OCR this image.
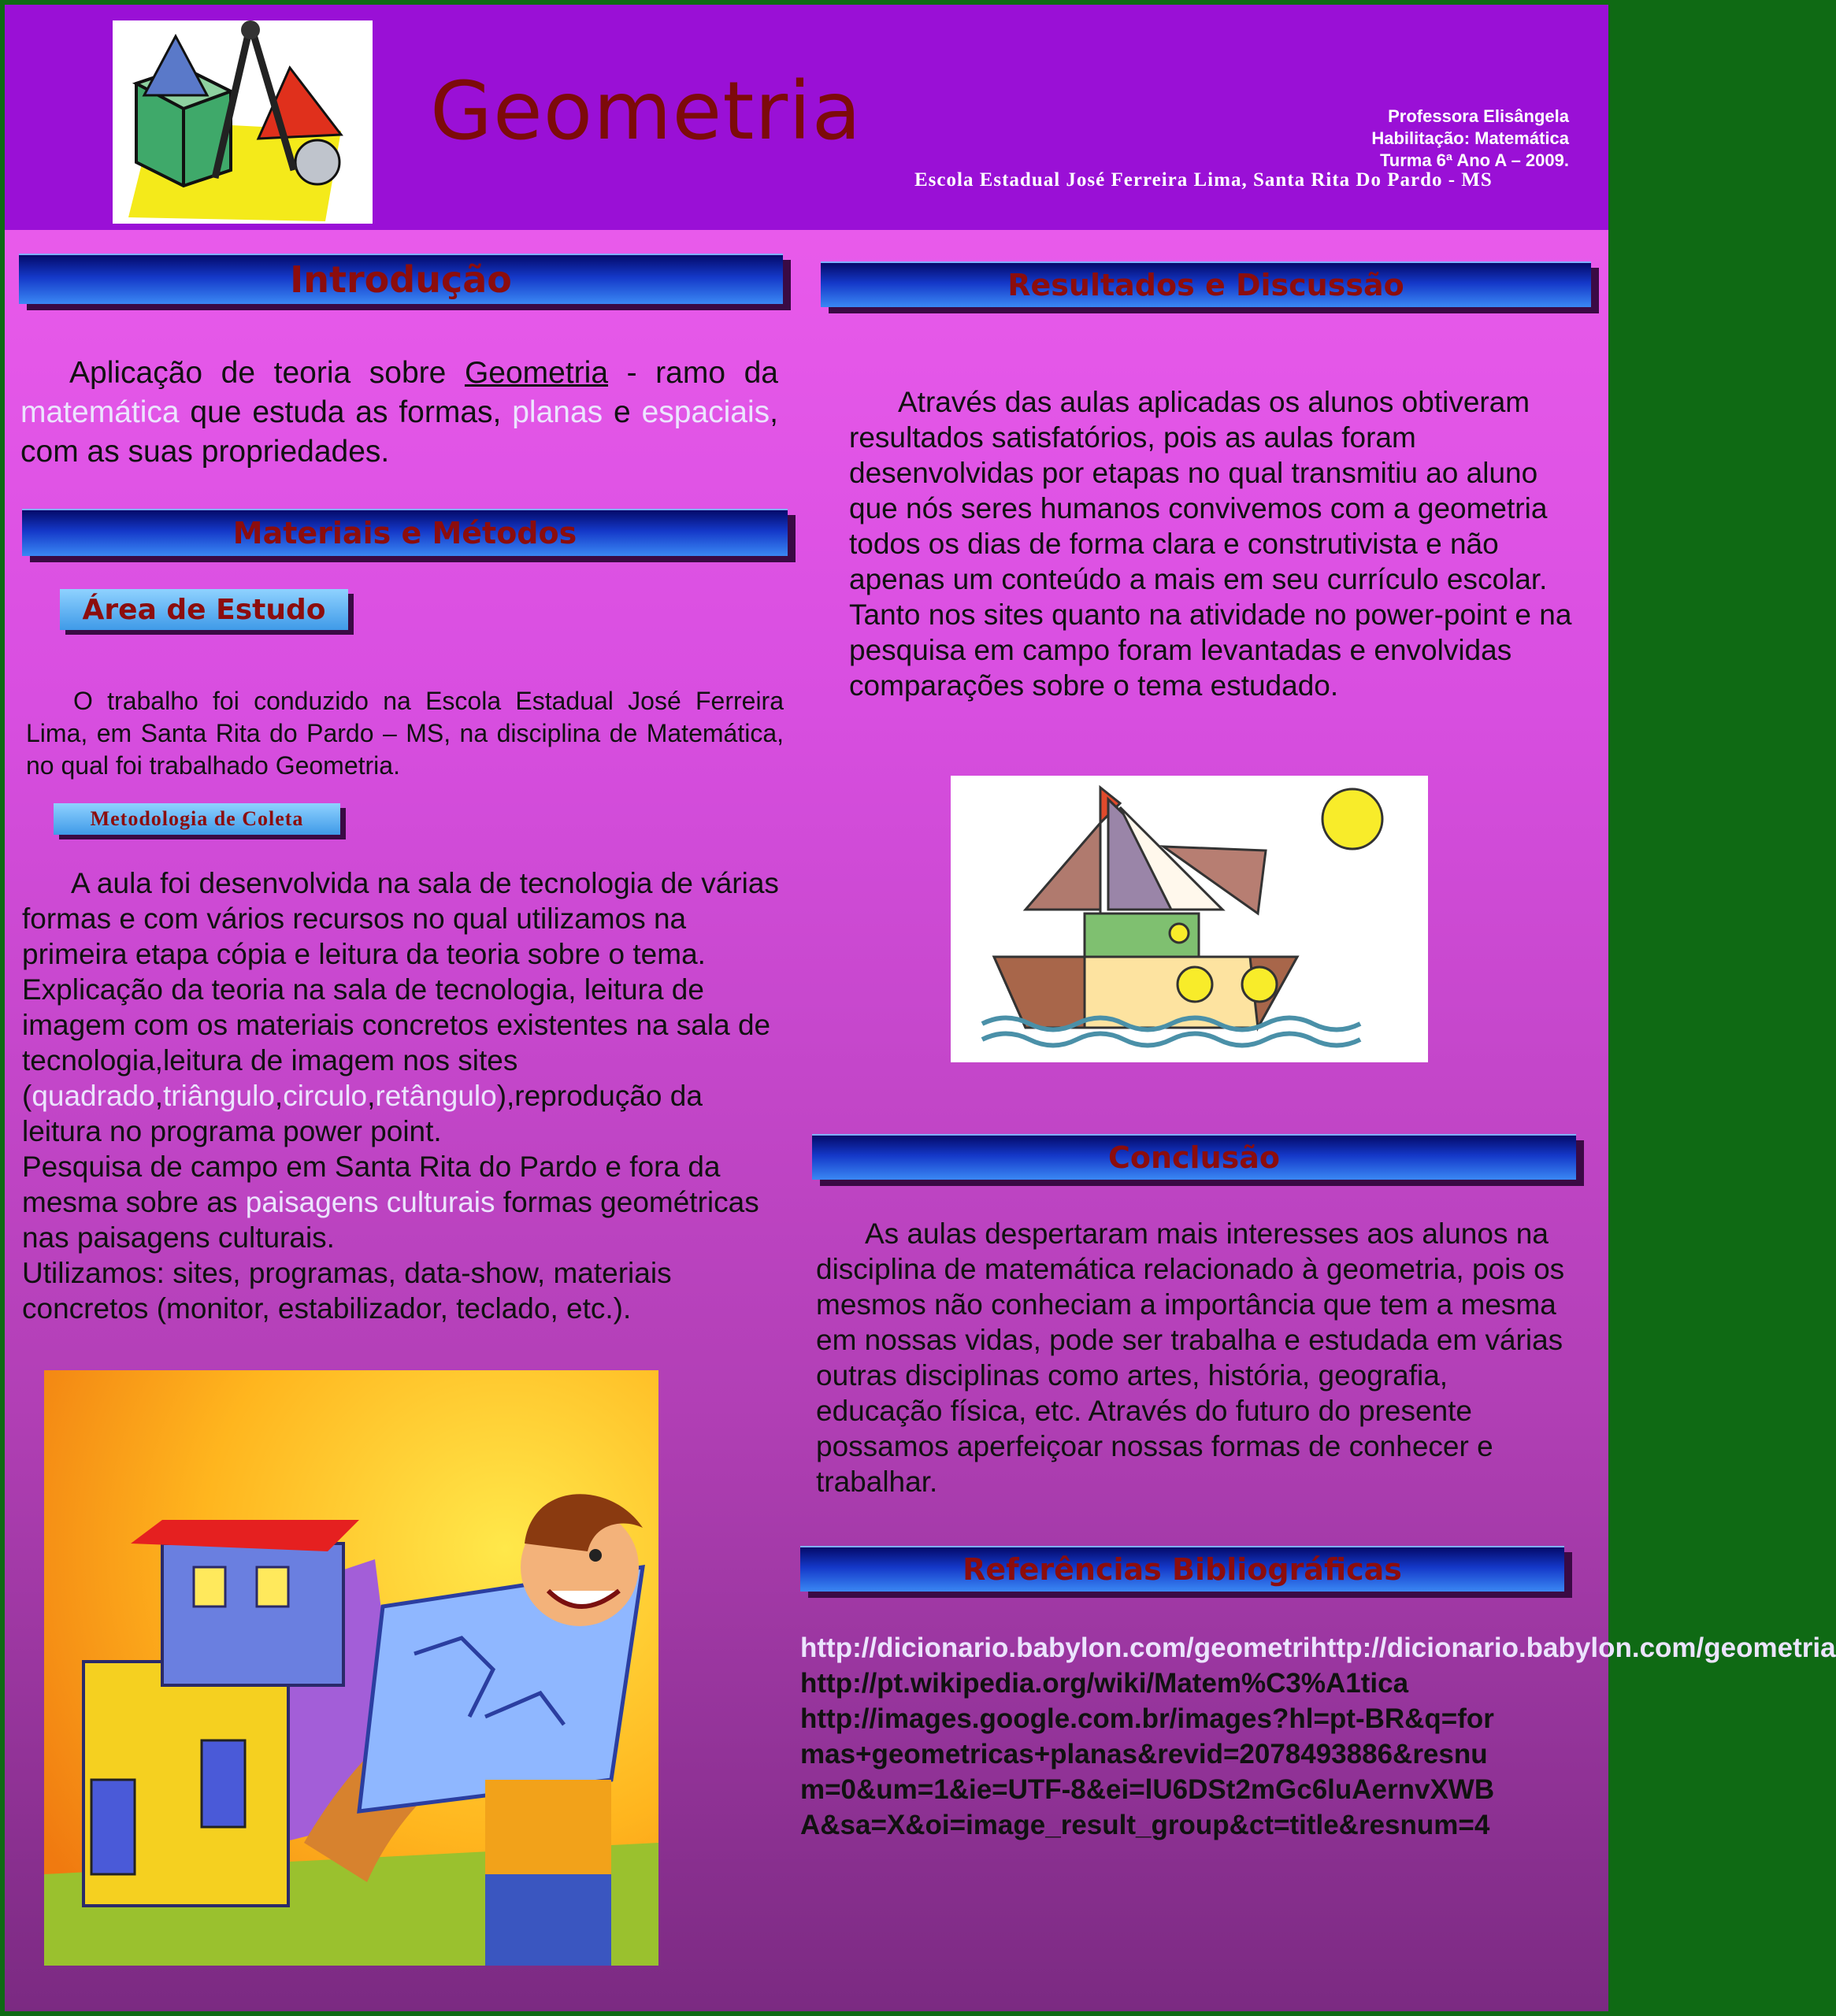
Geometria	Professora Elisângela
Habilitação: Matemática
Turma 6ª Ano A – 2009.
Escola Estadual José Ferreira Lima, Santa Rita Do Pardo - MS
Introdução

Aplicação de teoria sobre Geometria - ramo da matemática que estuda as formas, planas e espaciais, com as suas propriedades.

Materiais e Métodos
Área de Estudo

O trabalho foi conduzido na Escola Estadual José Ferreira Lima, em Santa Rita do Pardo – MS, na disciplina de Matemática, no qual foi trabalhado Geometria.

Metodologia de Coleta

A aula foi desenvolvida na sala de tecnologia de várias formas e com vários recursos no qual utilizamos na primeira etapa cópia e leitura da teoria sobre o tema. Explicação da teoria na sala de tecnologia, leitura de imagem com os materiais concretos existentes na sala de tecnologia,leitura de imagem nos sites (quadrado,triângulo,circulo,retângulo),reprodução da leitura no programa power point.

Pesquisa de campo em Santa Rita do Pardo e fora da mesma sobre as paisagens culturais formas geométricas nas paisagens culturais.

Utilizamos: sites, programas, data-show, materiais concretos (monitor, estabilizador, teclado, etc.).

Resultados e Discussão

Através das aulas aplicadas os alunos obtiveram resultados satisfatórios, pois as aulas foram desenvolvidas por etapas no qual transmitiu ao aluno que nós seres humanos convivemos com a geometria todos os dias de forma clara e construtivista e não apenas um conteúdo a mais em seu currículo escolar. Tanto nos sites quanto na atividade no power-point e na pesquisa em campo foram levantadas e envolvidas comparações sobre o tema estudado.

Conclusão

As aulas despertaram mais interesses aos alunos na disciplina de matemática relacionado à geometria, pois os mesmos não conheciam a importância que tem a mesma em nossas vidas, pode ser trabalha e estudada em várias outras disciplinas como artes, história, geografia, educação física, etc. Através do futuro do presente possamos aperfeiçoar nossas formas de conhecer e trabalhar.

Referências Bibliográficas

http://dicionario.babylon.com/geometrihttp://dicionario.babylon.com/geometria

http://pt.wikipedia.org/wiki/Matem%C3%A1tica

http://images.google.com.br/images?hl=pt-BR&q=formas+geometricas+planas&revid=2078493886&resnum=0&um=1&ie=UTF-8&ei=lU6DSt2mGc6luAernvXWBA&sa=X&oi=image_result_group&ct=title&resnum=4
